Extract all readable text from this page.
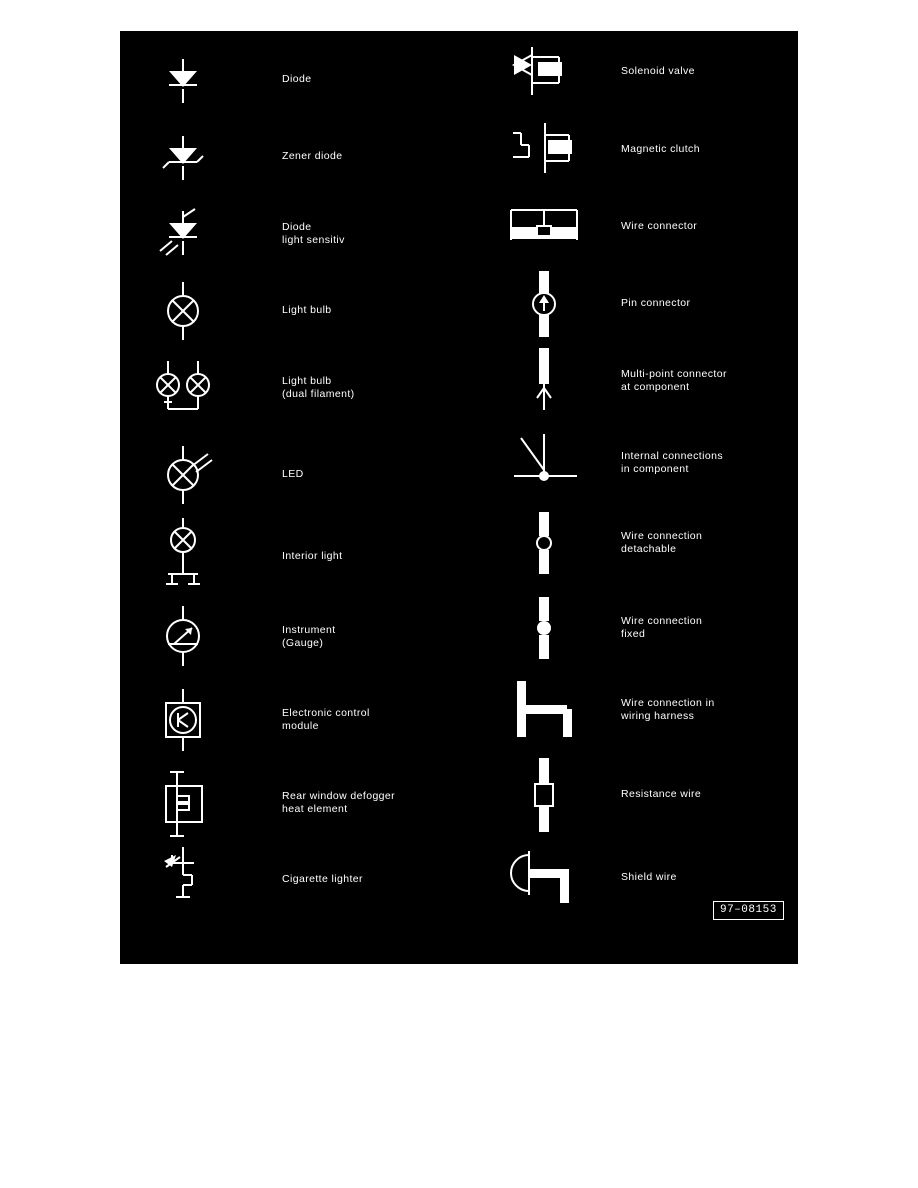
Diode
Zener diode
Diode
light sensitiv
Light bulb
Light bulb
(dual filament)
LED
Interior light
Instrument
(Gauge)
Electronic control
module
Rear window defogger
heat element
Cigarette lighter
Solenoid valve
Magnetic clutch
Wire connector
Pin connector
Multi-point connector
at component
Internal connections
in component
Wire connection
detachable
Wire connection
fixed
Wire connection in
wiring harness
Resistance wire
Shield wire
97–08153
